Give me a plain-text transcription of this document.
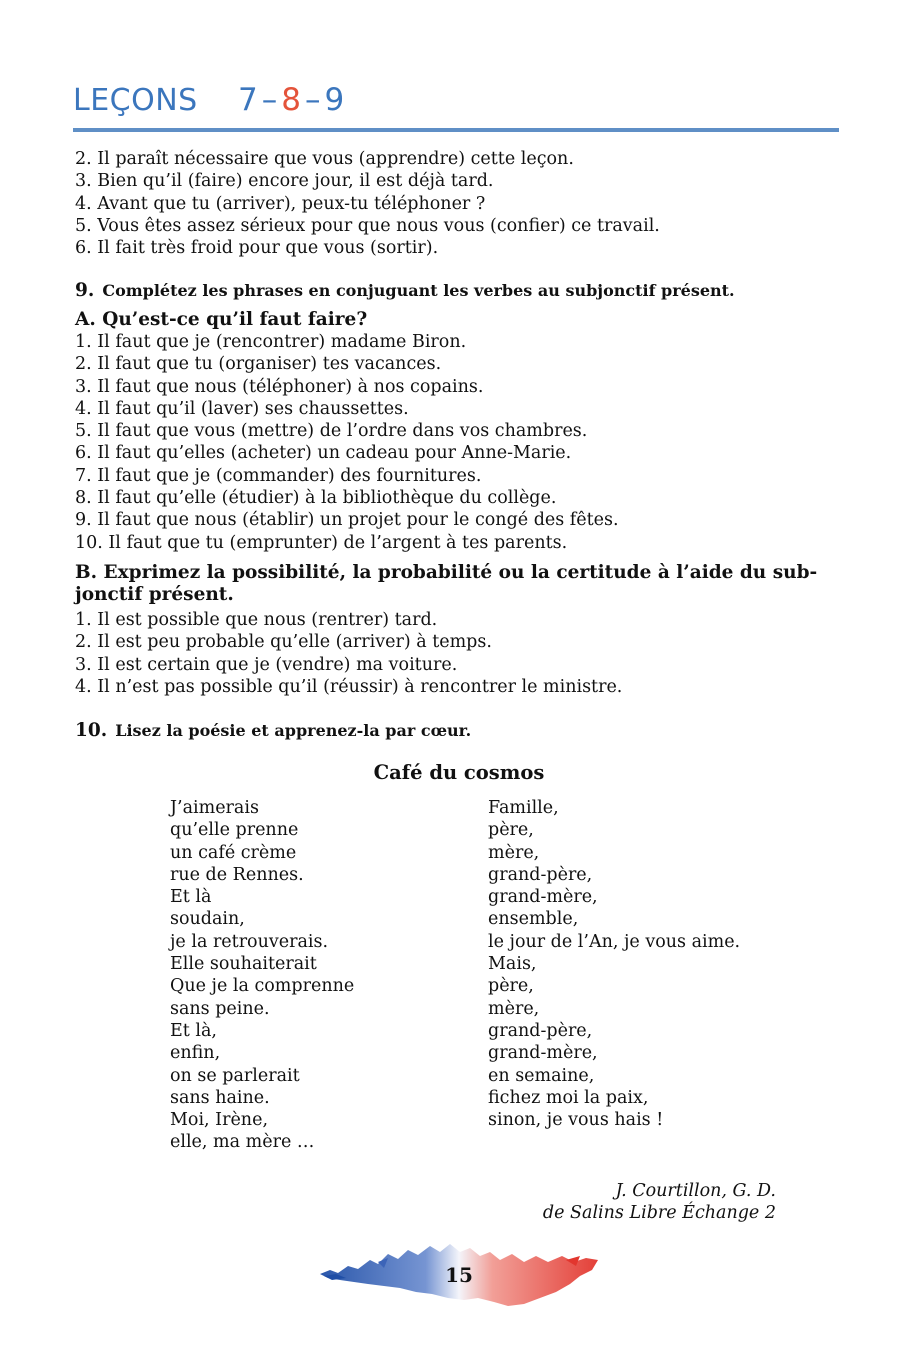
LEÇONS 7 – 8 – 9
2. Il paraît nécessaire que vous (apprendre) cette leçon.
3. Bien qu’il (faire) encore jour, il est déjà tard.
4. Avant que tu (arriver), peux-tu téléphoner ?
5. Vous êtes assez sérieux pour que nous vous (confier) ce travail.
6. Il fait très froid pour que vous (sortir).
9. Complétez les phrases en conjuguant les verbes au subjonctif présent.
A. Qu’est-ce qu’il faut faire?
1. Il faut que je (rencontrer) madame Biron.
2. Il faut que tu (organiser) tes vacances.
3. Il faut que nous (téléphoner) à nos copains.
4. Il faut qu’il (laver) ses chaussettes.
5. Il faut que vous (mettre) de l’ordre dans vos chambres.
6. Il faut qu’elles (acheter) un cadeau pour Anne-Marie.
7. Il faut que je (commander) des fournitures.
8. Il faut qu’elle (étudier) à la bibliothèque du collège.
9. Il faut que nous (établir) un projet pour le congé des fêtes.
10. Il faut que tu (emprunter) de l’argent à tes parents.
B. Exprimez la possibilité, la probabilité ou la certitude à l’aide du sub-
jonctif présent.
1. Il est possible que nous (rentrer) tard.
2. Il est peu probable qu’elle (arriver) à temps.
3. Il est certain que je (vendre) ma voiture.
4. Il n’est pas possible qu’il (réussir) à rencontrer le ministre.
10. Lisez la poésie et apprenez-la par cœur.
Café du cosmos
J’aimerais
qu’elle prenne
un café crème
rue de Rennes.
Et là
soudain,
je la retrouverais.
Elle souhaiterait
Que je la comprenne
sans peine.
Et là,
enfin,
on se parlerait
sans haine.
Moi, Irène,
elle, ma mère …
Famille,
père,
mère,
grand-père,
grand-mère,
ensemble,
le jour de l’An, je vous aime.
Mais,
père,
mère,
grand-père,
grand-mère,
en semaine,
fichez moi la paix,
sinon, je vous hais !
J. Courtillon, G. D.
de Salins Libre Échange 2
15
